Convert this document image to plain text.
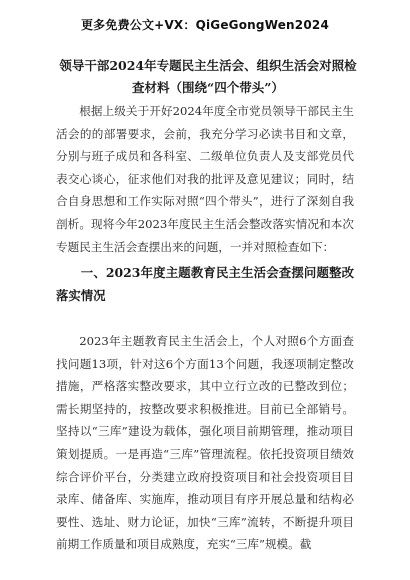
更多免费公文+VX：QiGeGongWen2024
领导干部2024年专题民主生活会、组织生活会对照检查材料（围绕“四个带头”）

根据上级关于开好2024年度全市党员领导干部民主生活会的的部署要求，会前，我充分学习必读书目和文章，分别与班子成员和各科室、二级单位负责人及支部党员代表交心谈心，征求他们对我的批评及意见建议；同时，结合自身思想和工作实际对照“四个带头”，进行了深刻自我剖析。现将今年2023年度民主生活会整改落实情况和本次专题民主生活会查摆出来的问题，一并对照检查如下：

一、2023年度主题教育民主生活会查摆问题整改落实情况

2023年主题教育民主生活会上，个人对照6个方面查找问题13项，针对这6个方面13个问题，我逐项制定整改措施，严格落实整改要求，其中立行立改的已整改到位；需长期坚持的，按整改要求积极推进。目前已全部销号。坚持以“三库”建设为载体，强化项目前期管理，推动项目策划提质。一是再造“三库”管理流程。依托投资项目绩效综合评价平台，分类建立政府投资项目和社会投资项目目录库、储备库、实施库，推动项目有序开展总量和结构必要性、选址、财力论证，加快“三库”流转，不断提升项目前期工作质量和项目成熟度，充实“三库”规模。截
